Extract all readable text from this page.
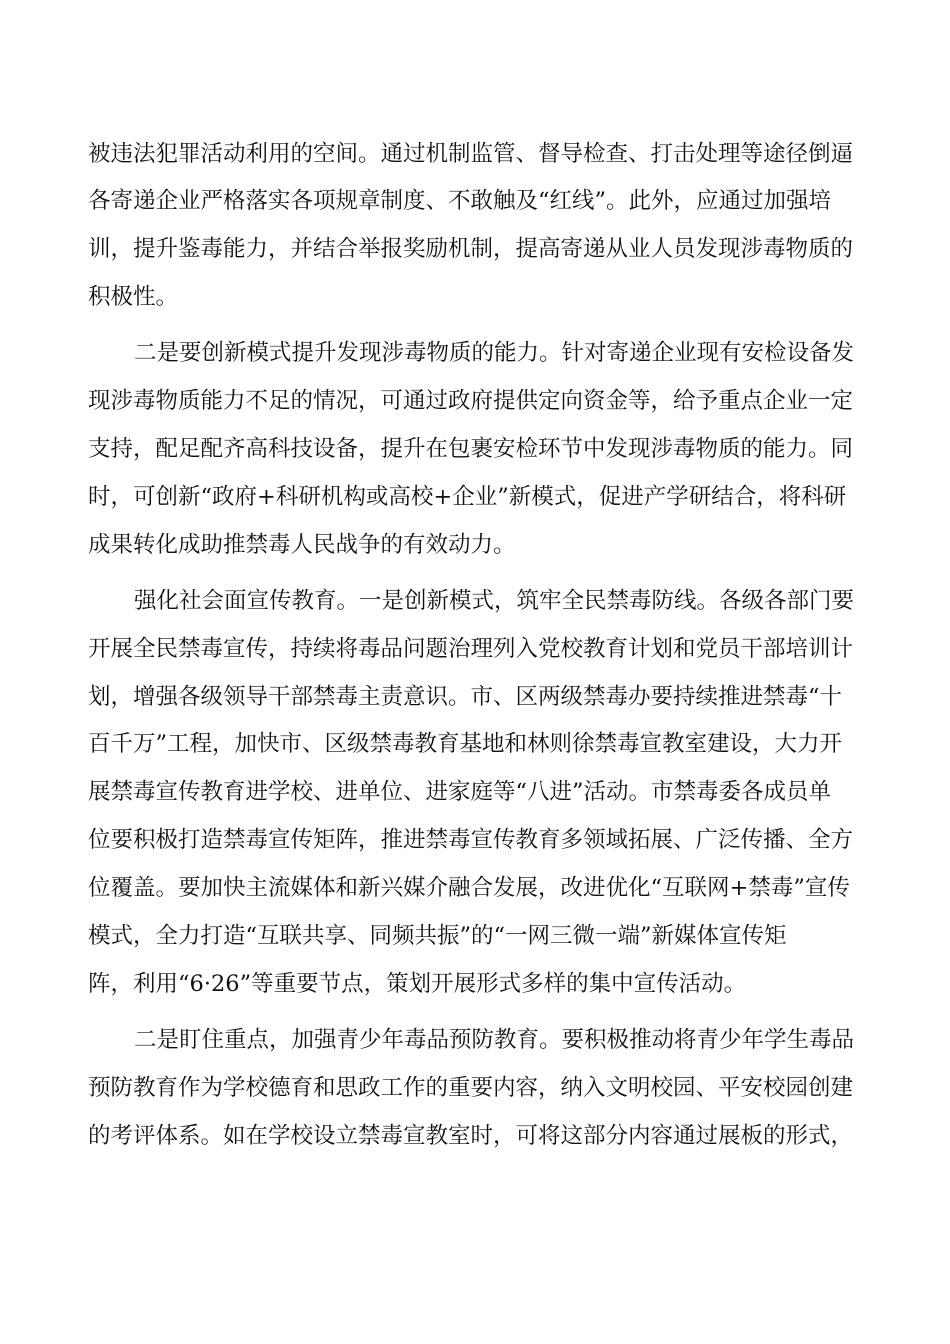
被违法犯罪活动利用的空间。通过机制监管、督导检查、打击处理等途径倒逼

各寄递企业严格落实各项规章制度、不敢触及“红线”。此外，应通过加强培

训，提升鉴毒能力，并结合举报奖励机制，提高寄递从业人员发现涉毒物质的

积极性。

二是要创新模式提升发现涉毒物质的能力。针对寄递企业现有安检设备发

现涉毒物质能力不足的情况，可通过政府提供定向资金等，给予重点企业一定

支持，配足配齐高科技设备，提升在包裹安检环节中发现涉毒物质的能力。同

时，可创新“政府+科研机构或高校+企业”新模式，促进产学研结合，将科研

成果转化成助推禁毒人民战争的有效动力。

强化社会面宣传教育。一是创新模式，筑牢全民禁毒防线。各级各部门要

开展全民禁毒宣传，持续将毒品问题治理列入党校教育计划和党员干部培训计

划，增强各级领导干部禁毒主责意识。市、区两级禁毒办要持续推进禁毒“十

百千万”工程，加快市、区级禁毒教育基地和林则徐禁毒宣教室建设，大力开

展禁毒宣传教育进学校、进单位、进家庭等“八进”活动。市禁毒委各成员单

位要积极打造禁毒宣传矩阵，推进禁毒宣传教育多领域拓展、广泛传播、全方

位覆盖。要加快主流媒体和新兴媒介融合发展，改进优化“互联网+禁毒”宣传

模式，全力打造“互联共享、同频共振”的“一网三微一端”新媒体宣传矩

阵，利用“6·26”等重要节点，策划开展形式多样的集中宣传活动。

二是盯住重点，加强青少年毒品预防教育。要积极推动将青少年学生毒品

预防教育作为学校德育和思政工作的重要内容，纳入文明校园、平安校园创建

的考评体系。如在学校设立禁毒宣教室时，可将这部分内容通过展板的形式，
